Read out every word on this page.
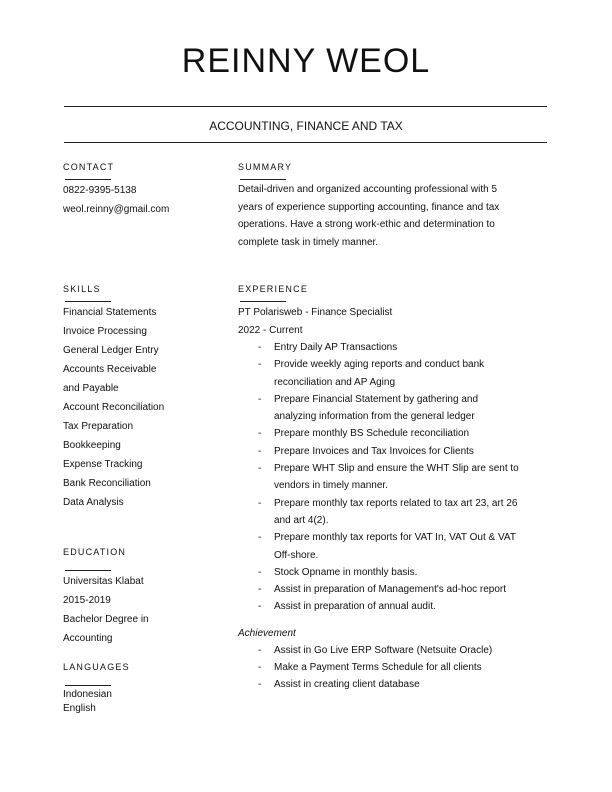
REINNY WEOL
ACCOUNTING, FINANCE AND TAX
CONTACT
0822-9395-5138
weol.reinny@gmail.com
SKILLS
Financial Statements
Invoice Processing
General Ledger Entry
Accounts Receivable
and Payable
Account Reconciliation
Tax Preparation
Bookkeeping
Expense Tracking
Bank Reconciliation
Data Analysis
EDUCATION
Universitas Klabat
2015-2019
Bachelor Degree in
Accounting
LANGUAGES
Indonesian
English
SUMMARY
Detail-driven and organized accounting professional with 5
years of experience supporting accounting, finance and tax
operations. Have a strong work-ethic and determination to
complete task in timely manner.
EXPERIENCE
PT Polarisweb - Finance Specialist
2022 - Current
- Entry Daily AP Transactions
- Provide weekly aging reports and conduct bank
reconciliation and AP Aging
- Prepare Financial Statement by gathering and
analyzing information from the general ledger
- Prepare monthly BS Schedule reconciliation
- Prepare Invoices and Tax Invoices for Clients
- Prepare WHT Slip and ensure the WHT Slip are sent to
vendors in timely manner.
- Prepare monthly tax reports related to tax art 23, art 26
and art 4(2).
- Prepare monthly tax reports for VAT In, VAT Out & VAT
Off-shore.
- Stock Opname in monthly basis.
- Assist in preparation of Management's ad-hoc report
- Assist in preparation of annual audit.
Achievement
- Assist in Go Live ERP Software (Netsuite Oracle)
- Make a Payment Terms Schedule for all clients
- Assist in creating client database
